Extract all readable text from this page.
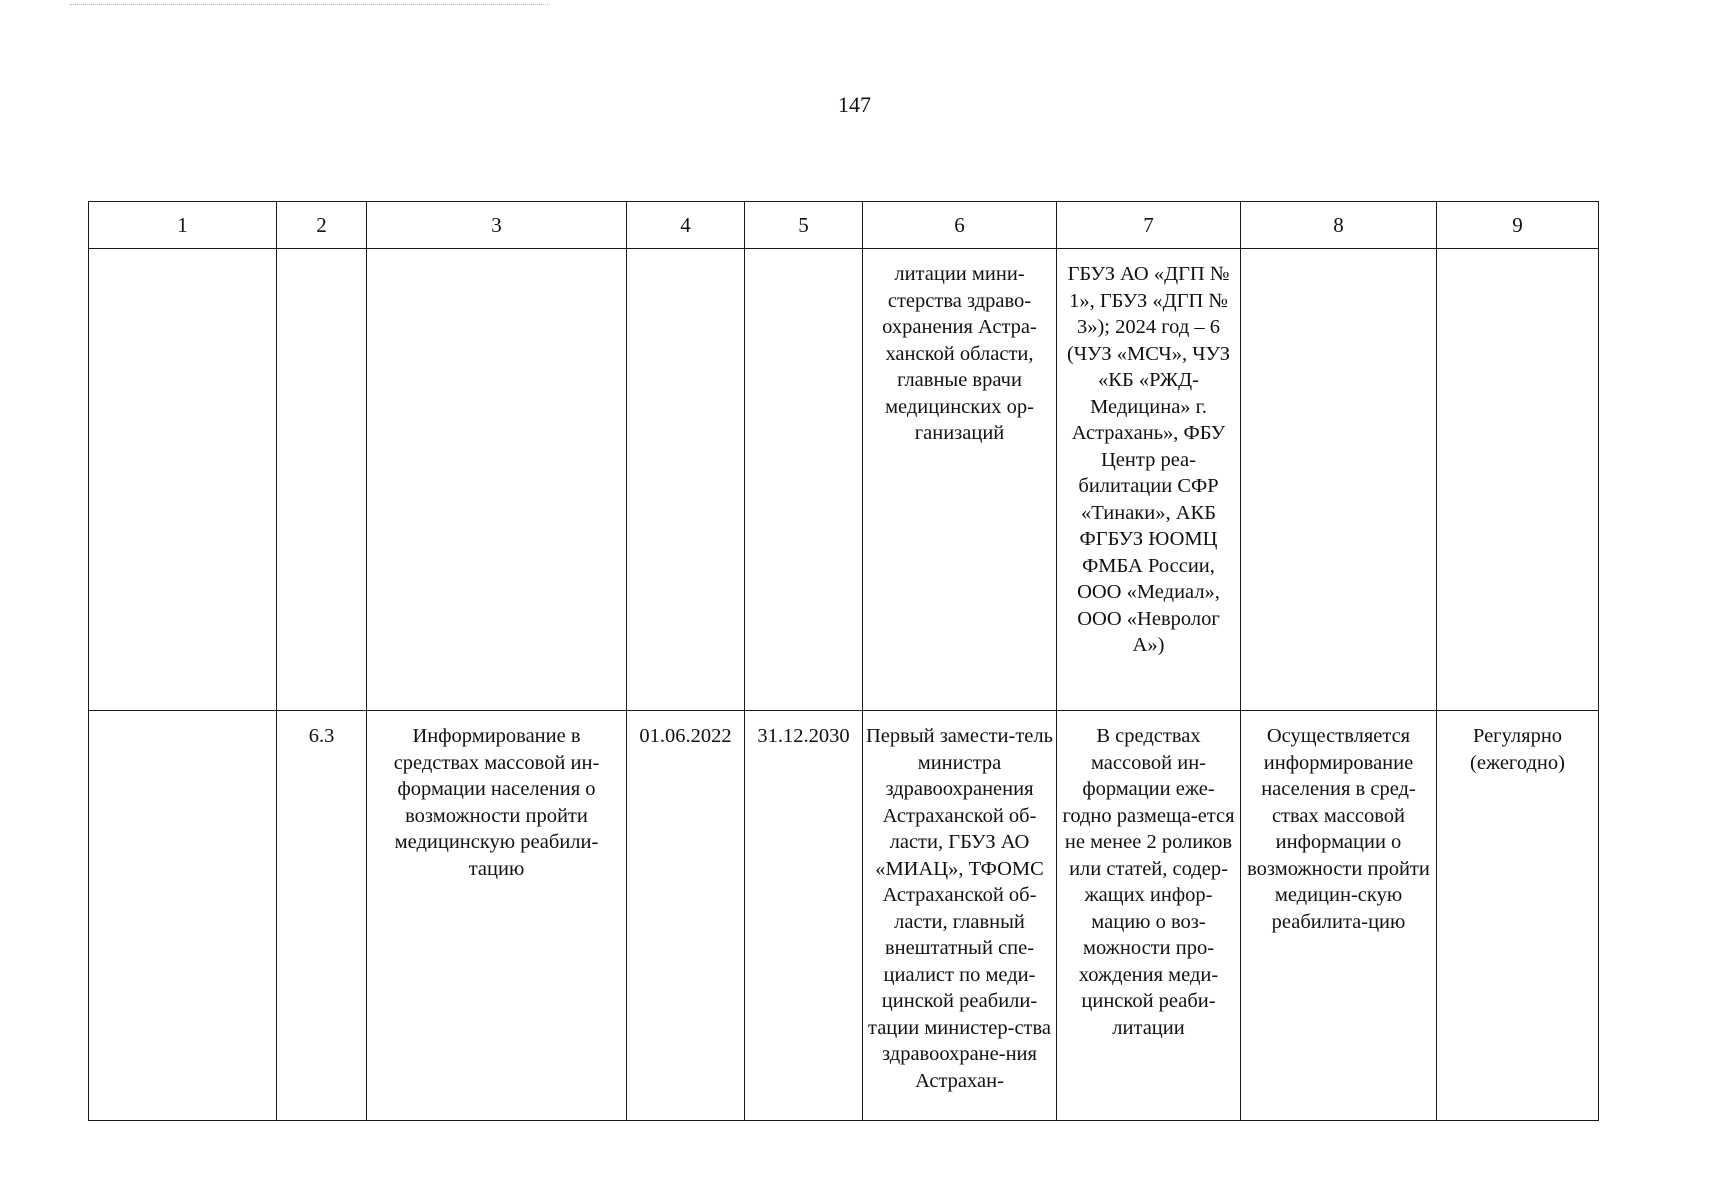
147
1	2	3	4	5	6	7	8	9

					литации мини-стерства здраво-охранения Астра-ханской области, главные врачи медицинских ор-ганизаций	ГБУЗ АО «ДГП № 1», ГБУЗ «ДГП № 3»); 2024 год – 6 (ЧУЗ «МСЧ», ЧУЗ «КБ «РЖД-Медицина» г. Астрахань», ФБУ Центр реа-билитации СФР «Тинаки», АКБ ФГБУЗ ЮОМЦ ФМБА России, ООО «Медиал», ООО «Невролог А»)		

	6.3	Информирование в средствах массовой ин-формации населения о возможности пройти медицинскую реабили-тацию	01.06.2022	31.12.2030	Первый замести-тель министра здравоохранения Астраханской об-ласти, ГБУЗ АО «МИАЦ», ТФОМС Астраханской об-ласти, главный внештатный спе-циалист по меди-цинской реабили-тации министер-ства здравоохране-ния Астрахан-	В средствах массовой ин-формации еже-годно размеща-ется не менее 2 роликов или статей, содер-жащих инфор-мацию о воз-можности про-хождения меди-цинской реаби-литации	Осуществляется информирование населения в сред-ствах массовой информации о возможности пройти медицин-скую реабилита-цию	Регулярно (ежегодно)
